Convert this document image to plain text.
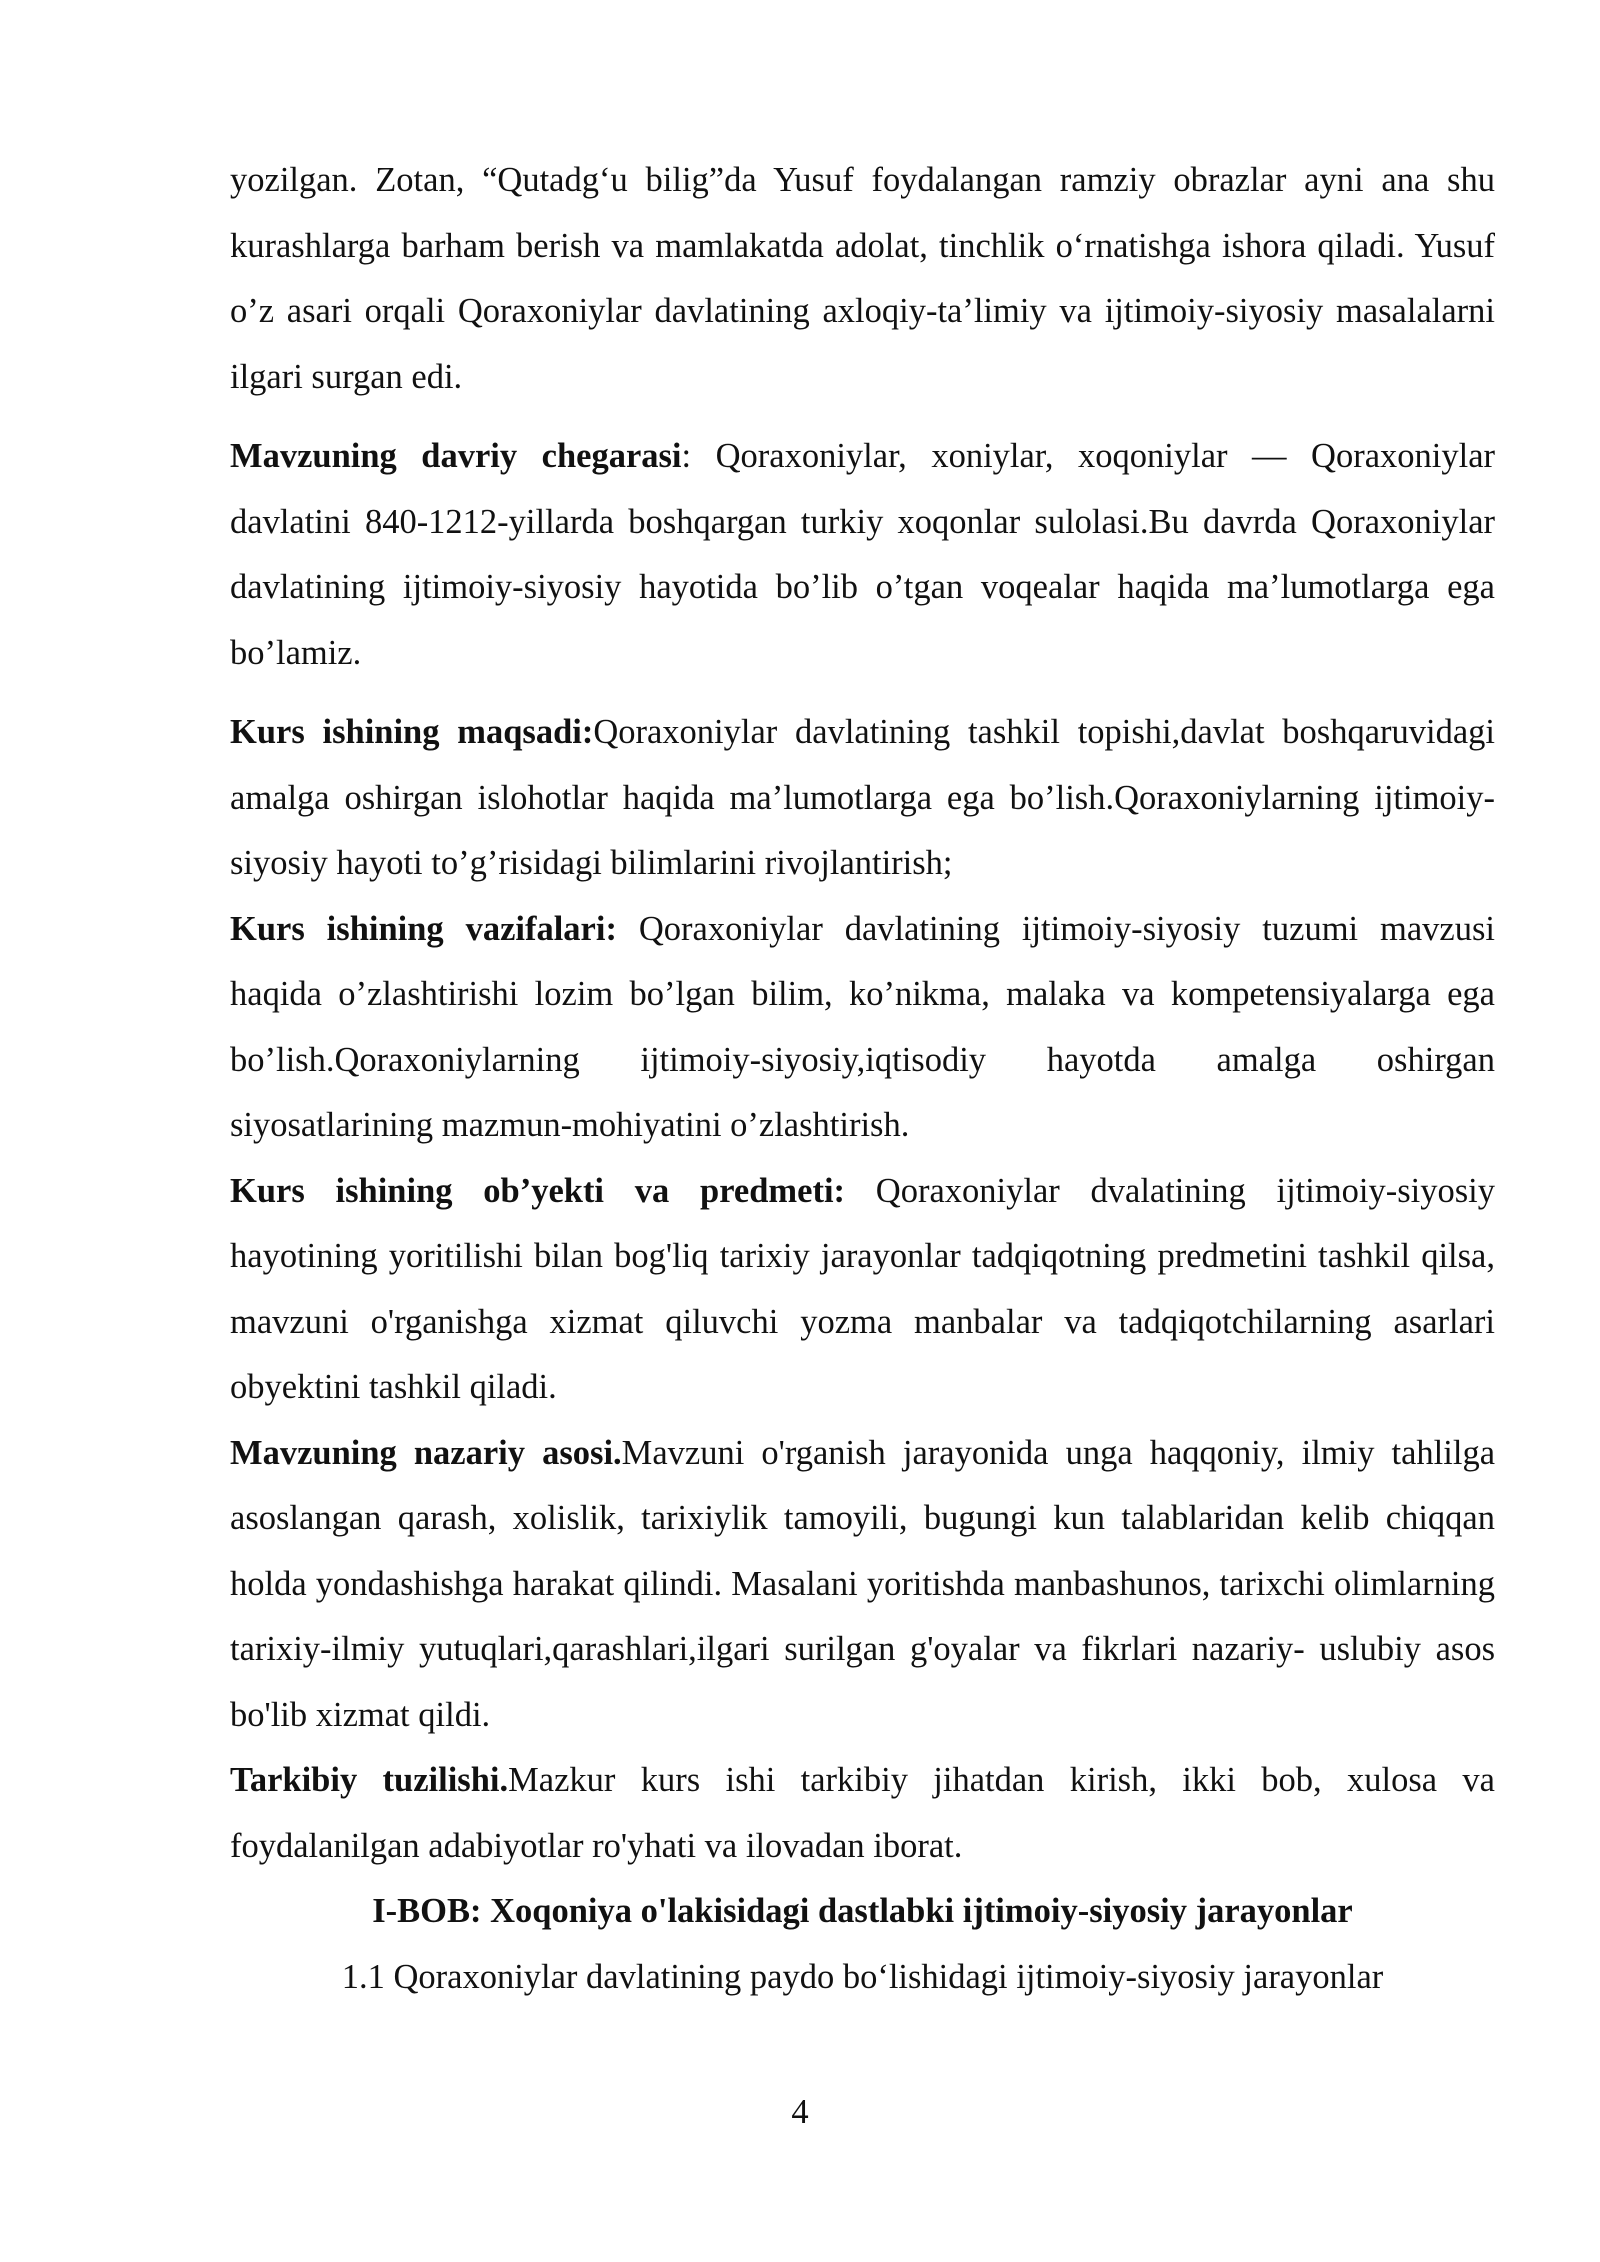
yozilgan. Zotan, “Qutadg‘u bilig”da Yusuf foydalangan ramziy obrazlar ayni ana shu kurashlarga barham berish va mamlakatda adolat, tinchlik o‘rnatishga ishora qiladi. Yusuf o’z asari orqali Qoraxoniylar davlatining axloqiy-ta’limiy va ijtimoiy-siyosiy masalalarni ilgari surgan edi.

Mavzuning davriy chegarasi: Qoraxoniylar, xoniylar, xoqoniylar — Qoraxoniylar davlatini 840-1212-yillarda boshqargan turkiy xoqonlar sulolasi.Bu davrda Qoraxoniylar davlatining ijtimoiy-siyosiy hayotida bo’lib o’tgan voqealar haqida ma’lumotlarga ega bo’lamiz.

Kurs ishining maqsadi:Qoraxoniylar davlatining tashkil topishi,davlat boshqaruvidagi amalga oshirgan islohotlar haqida ma’lumotlarga ega bo’lish.Qoraxoniylarning ijtimoiy-siyosiy hayoti to’g’risidagi bilimlarini rivojlantirish;

Kurs ishining vazifalari: Qoraxoniylar davlatining ijtimoiy-siyosiy tuzumi mavzusi haqida o’zlashtirishi lozim bo’lgan bilim, ko’nikma, malaka va kompetensiyalarga ega bo’lish.Qoraxoniylarning ijtimoiy-siyosiy,iqtisodiy hayotda amalga oshirgan siyosatlarining mazmun-mohiyatini o’zlashtirish.

Kurs ishining ob’yekti va predmeti: Qoraxoniylar dvalatining ijtimoiy-siyosiy hayotining yoritilishi bilan bog'liq tarixiy jarayonlar tadqiqotning predmetini tashkil qilsa, mavzuni o'rganishga xizmat qiluvchi yozma manbalar va tadqiqotchilarning asarlari obyektini tashkil qiladi.

Mavzuning nazariy asosi.Mavzuni o'rganish jarayonida unga haqqoniy, ilmiy tahlilga asoslangan qarash, xolislik, tarixiylik tamoyili, bugungi kun talablaridan kelib chiqqan holda yondashishga harakat qilindi. Masalani yoritishda manbashunos, tarixchi olimlarning tarixiy-ilmiy yutuqlari,qarashlari,ilgari surilgan g'oyalar va fikrlari nazariy- uslubiy asos bo'lib xizmat qildi.

Tarkibiy tuzilishi.Mazkur kurs ishi tarkibiy jihatdan kirish, ikki bob, xulosa va foydalanilgan adabiyotlar ro'yhati va ilovadan iborat.

I-BOB: Xoqoniya o'lakisidagi dastlabki ijtimoiy-siyosiy jarayonlar

1.1 Qoraxoniylar davlatining paydo bo‘lishidagi ijtimoiy-siyosiy jarayonlar

4
